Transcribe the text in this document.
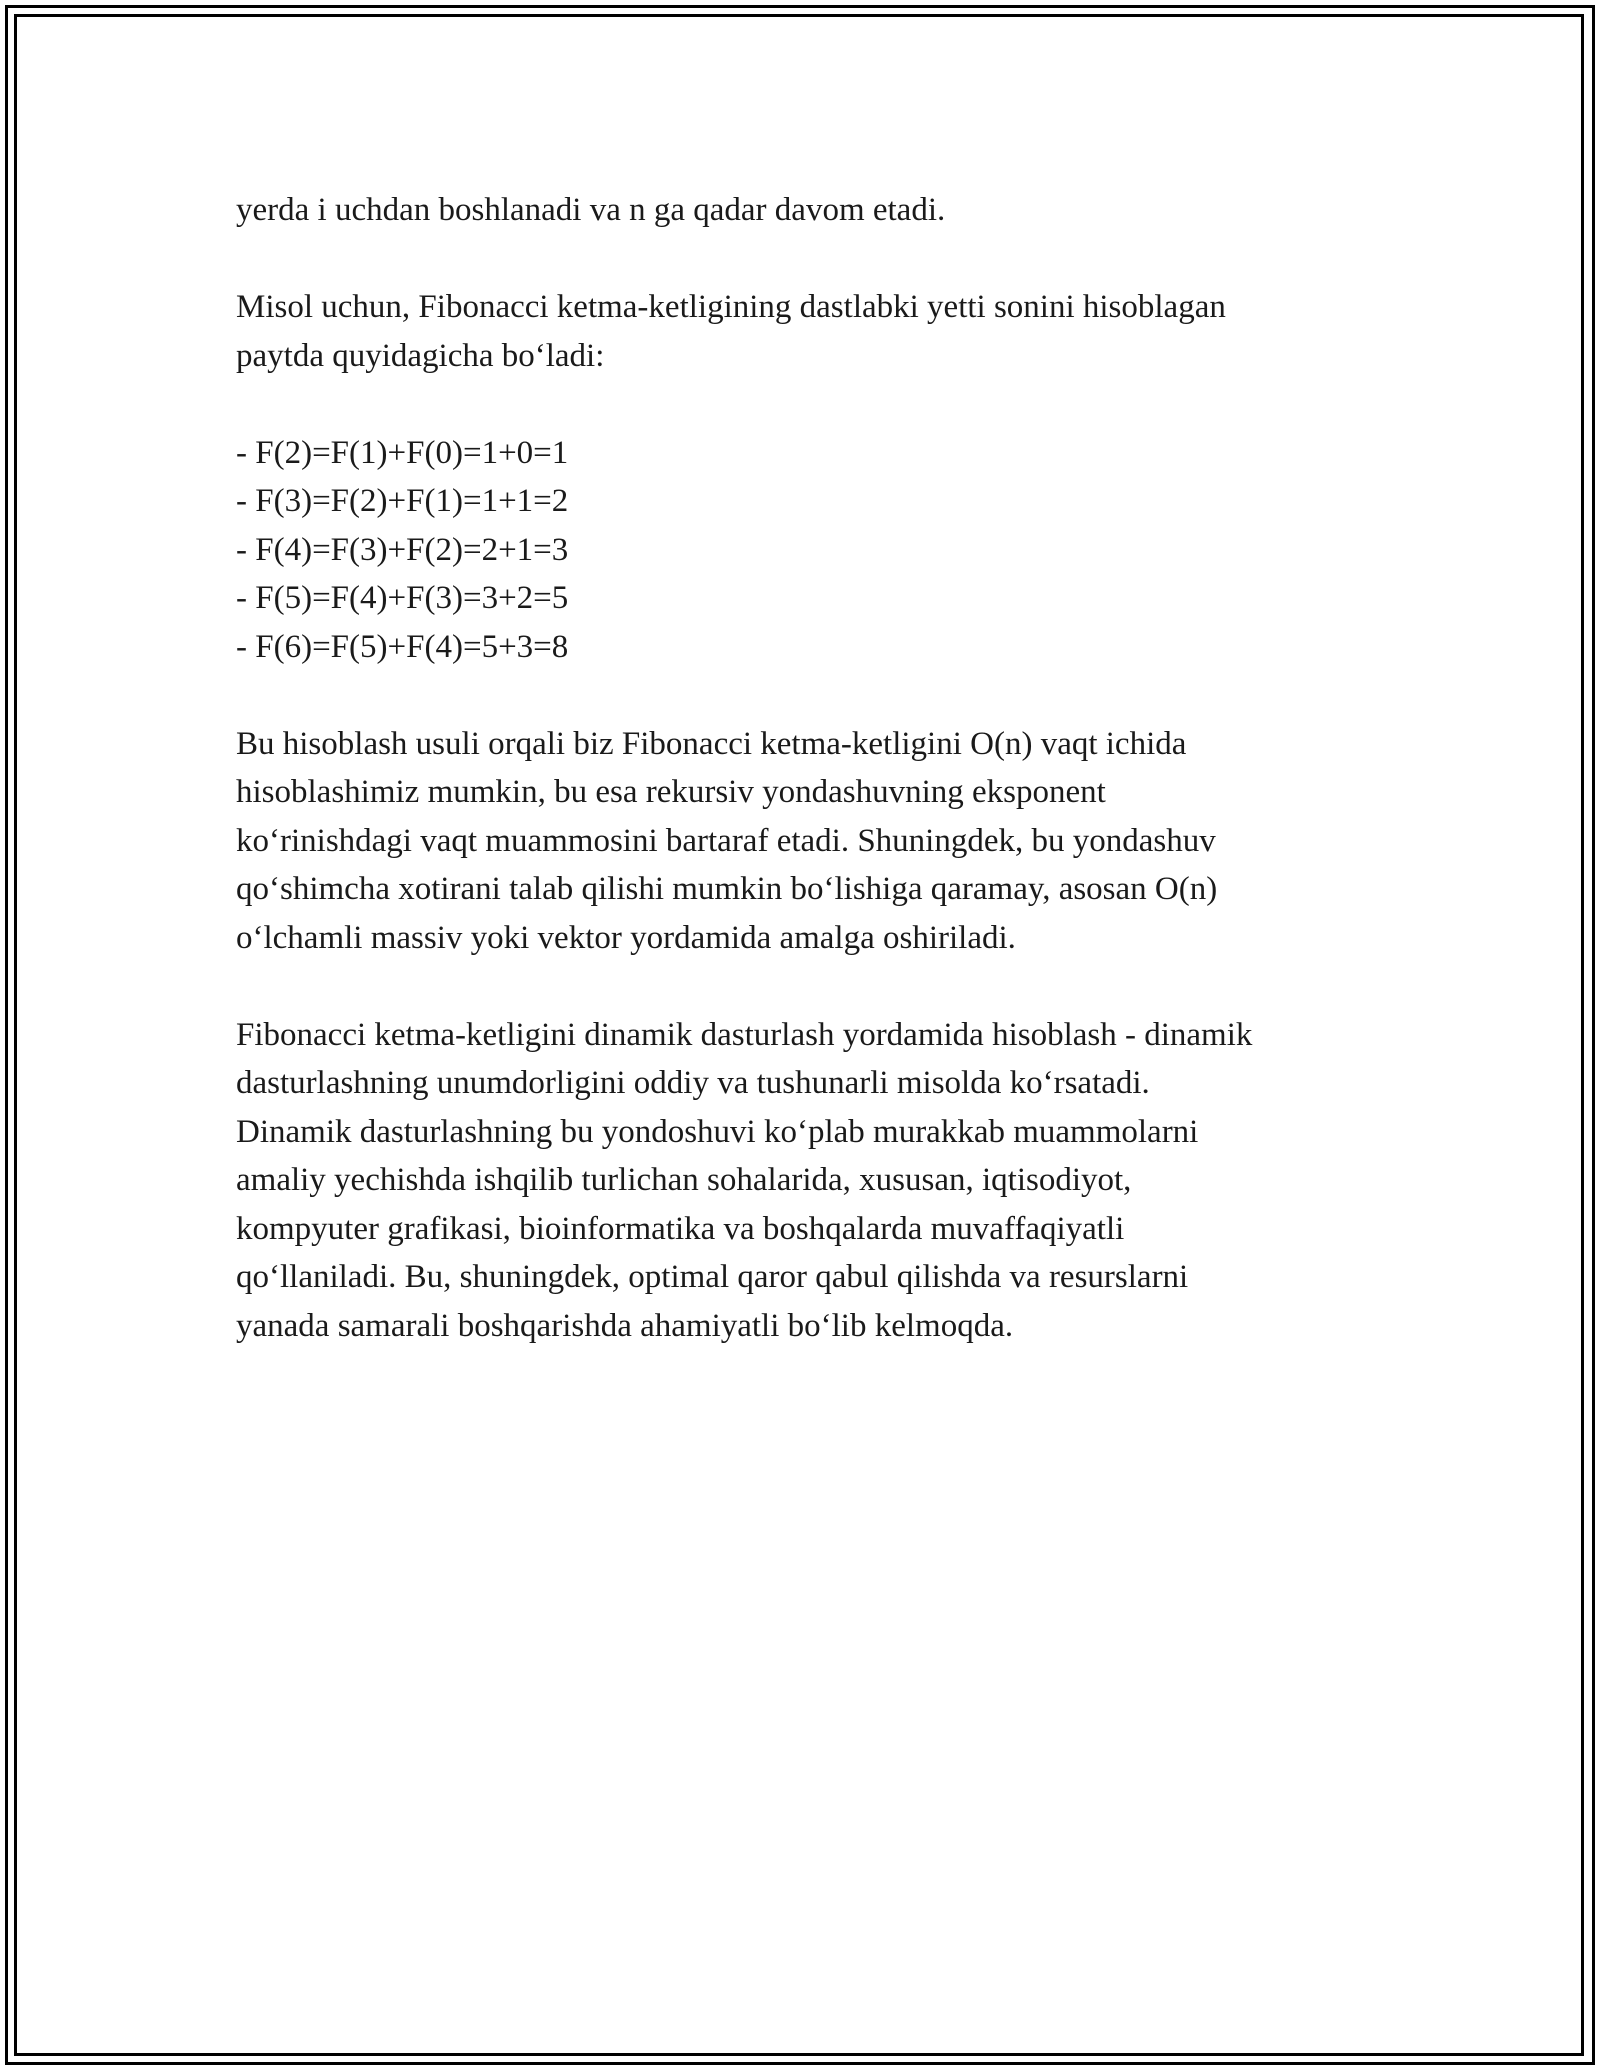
yerda i uchdan boshlanadi va n ga qadar davom etadi.
Misol uchun, Fibonacci ketma-ketligining dastlabki yetti sonini hisoblagan
paytda quyidagicha bo‘ladi:
- F(2)=F(1)+F(0)=1+0=1
- F(3)=F(2)+F(1)=1+1=2
- F(4)=F(3)+F(2)=2+1=3
- F(5)=F(4)+F(3)=3+2=5
- F(6)=F(5)+F(4)=5+3=8
Bu hisoblash usuli orqali biz Fibonacci ketma-ketligini O(n) vaqt ichida
hisoblashimiz mumkin, bu esa rekursiv yondashuvning eksponent
ko‘rinishdagi vaqt muammosini bartaraf etadi. Shuningdek, bu yondashuv
qo‘shimcha xotirani talab qilishi mumkin bo‘lishiga qaramay, asosan O(n)
o‘lchamli massiv yoki vektor yordamida amalga oshiriladi.
Fibonacci ketma-ketligini dinamik dasturlash yordamida hisoblash - dinamik
dasturlashning unumdorligini oddiy va tushunarli misolda ko‘rsatadi.
Dinamik dasturlashning bu yondoshuvi ko‘plab murakkab muammolarni
amaliy yechishda ishqilib turlichan sohalarida, xususan, iqtisodiyot,
kompyuter grafikasi, bioinformatika va boshqalarda muvaffaqiyatli
qo‘llaniladi. Bu, shuningdek, optimal qaror qabul qilishda va resurslarni
yanada samarali boshqarishda ahamiyatli bo‘lib kelmoqda.
